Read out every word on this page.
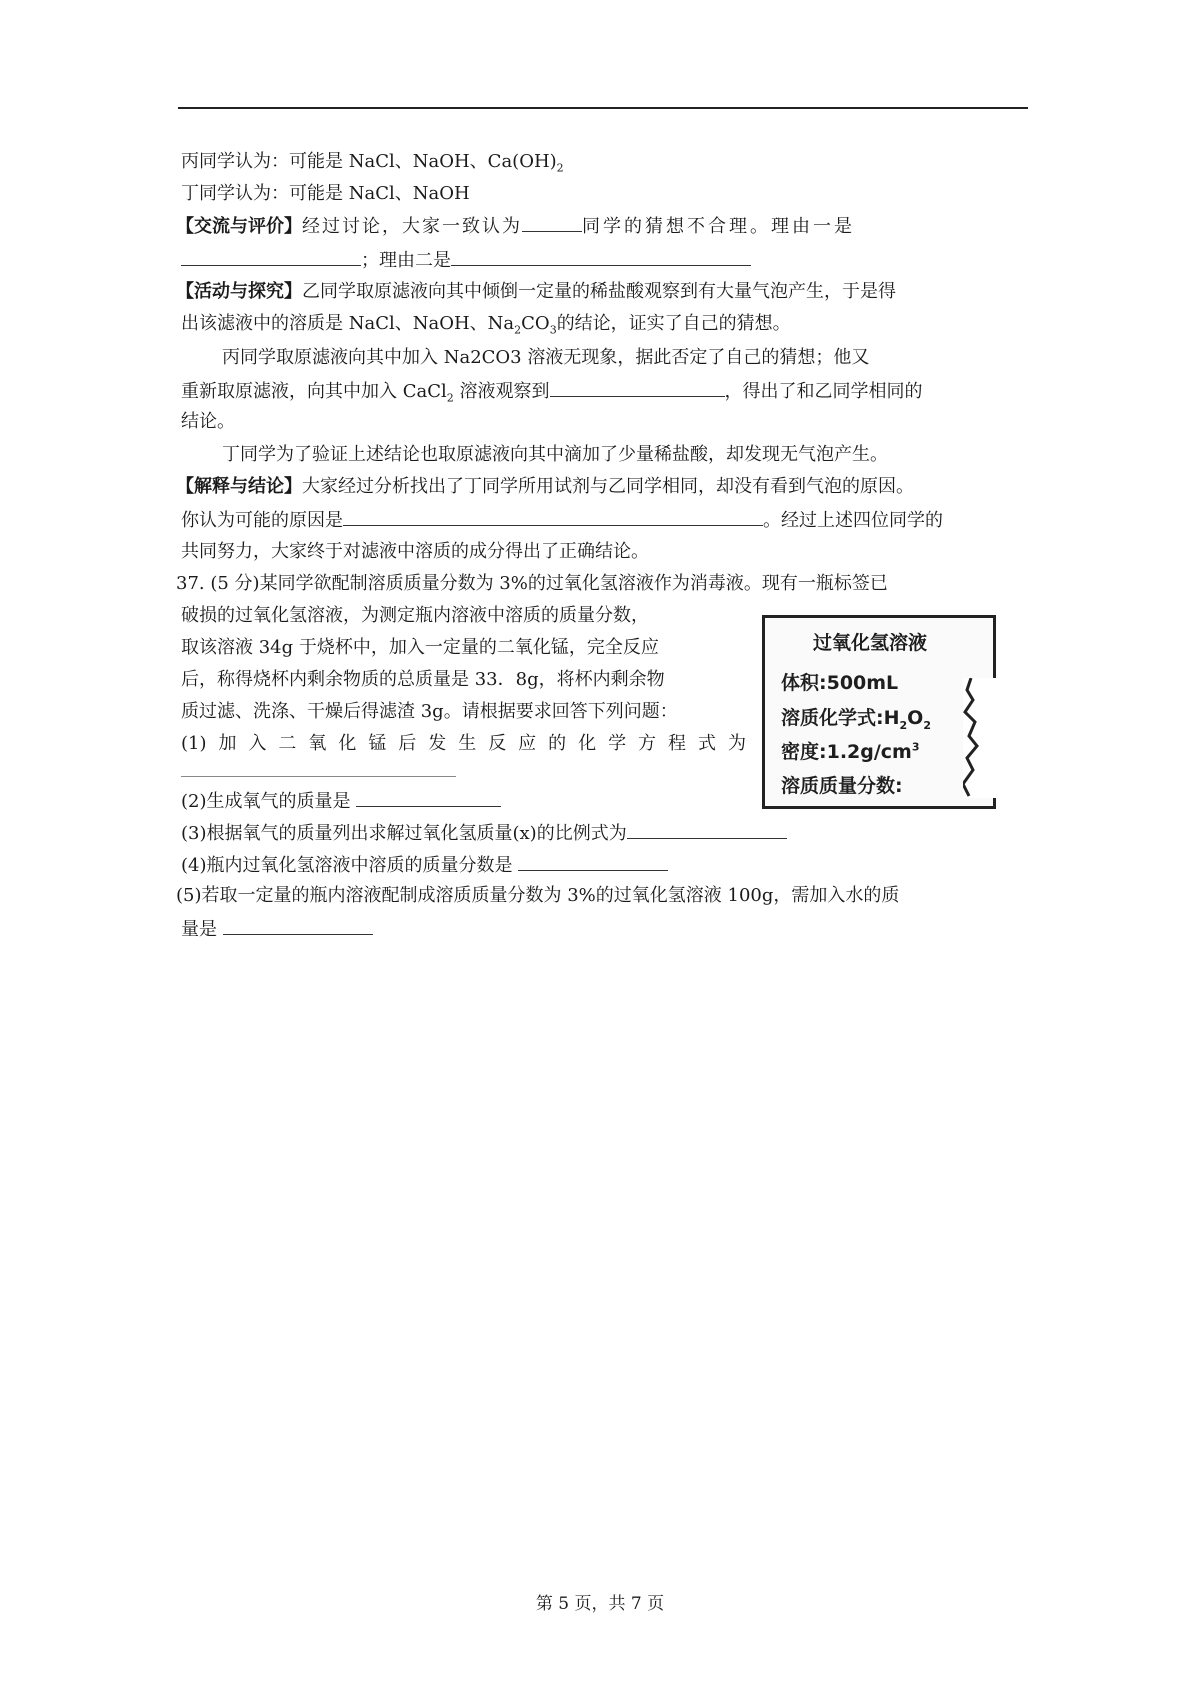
丙同学认为：可能是 NaCl、NaOH、$Ca(OH)_2$
丁同学认为：可能是 NaCl、NaOH
【交流与评价】经过讨论，大家一致认为	同学的猜想不合理。理由一是
；理由二是
【活动与探究】乙同学取原滤液向其中倾倒一定量的稀盐酸观察到有大量气泡产生，于是得
出该滤液中的溶质是 NaCl、NaOH、$Na_2CO_3$的结论，证实了自己的猜想。
丙同学取原滤液向其中加入 Na2CO3 溶液无现象，据此否定了自己的猜想；他又
重新取原滤液，向其中加入 CaCl$_2$ 溶液观察到	，得出了和乙同学相同的
结论。
丁同学为了验证上述结论也取原滤液向其中滴加了少量稀盐酸，却发现无气泡产生。
【解释与结论】大家经过分析找出了丁同学所用试剂与乙同学相同，却没有看到气泡的原因。
你认为可能的原因是	。经过上述四位同学的
共同努力，大家终于对滤液中溶质的成分得出了正确结论。
37. (5 分)某同学欲配制溶质质量分数为 3%的过氧化氢溶液作为消毒液。现有一瓶标签已
破损的过氧化氢溶液，为测定瓶内溶液中溶质的质量分数，
取该溶液 34g 于烧杯中，加入一定量的二氧化锰，完全反应
后，称得烧杯内剩余物质的总质量是 33．8g，将杯内剩余物
质过滤、洗涤、干燥后得滤渣 3g。请根据要求回答下列问题：
(1) 加 入 二 氧 化 锰 后 发 生 反 应 的 化 学 方 程 式 为
(2)生成氧气的质量是
(3)根据氧气的质量列出求解过氧化氢质量(x)的比例式为
(4)瓶内过氧化氢溶液中溶质的质量分数是
(5)若取一定量的瓶内溶液配制成溶质质量分数为 3%的过氧化氢溶液 100g，需加入水的质
量是
过氧化氢溶液
体积:500mL
溶质化学式$:H_2O_2$
密度$:1.2g/cm^3$
溶质质量分数:
第 5 页，共 7 页
